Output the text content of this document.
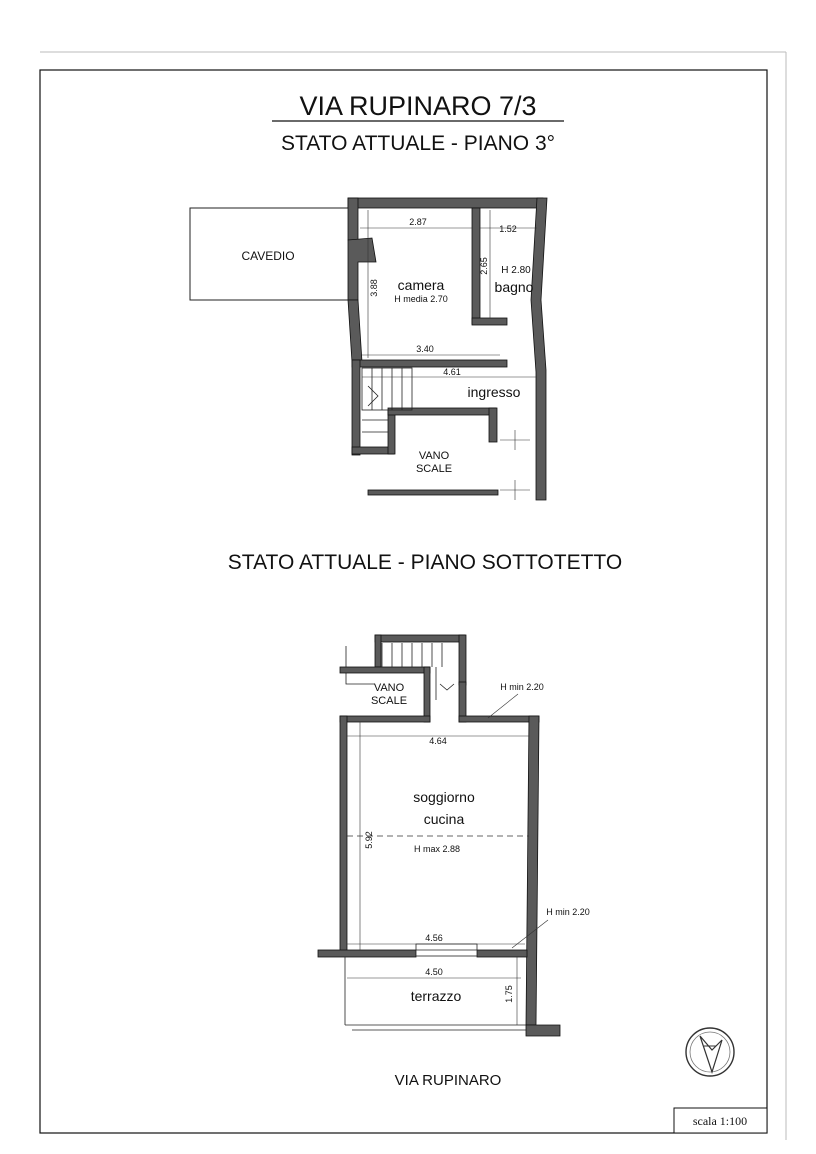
VIA RUPINARO 7/3
STATO ATTUALE - PIANO 3°
CAVEDIO
2.87
1.52
3.88
2.65
3.40
4.61
camera
H media 2.70
H 2.80
bagno
ingresso
VANO
SCALE
STATO ATTUALE - PIANO SOTTOTETTO
VANO
SCALE
H min 2.20
4.64
soggiorno
cucina
5.92
H max 2.88
H min 2.20
4.56
4.50
terrazzo	1.75
VIA RUPINARO
scala 1:100
